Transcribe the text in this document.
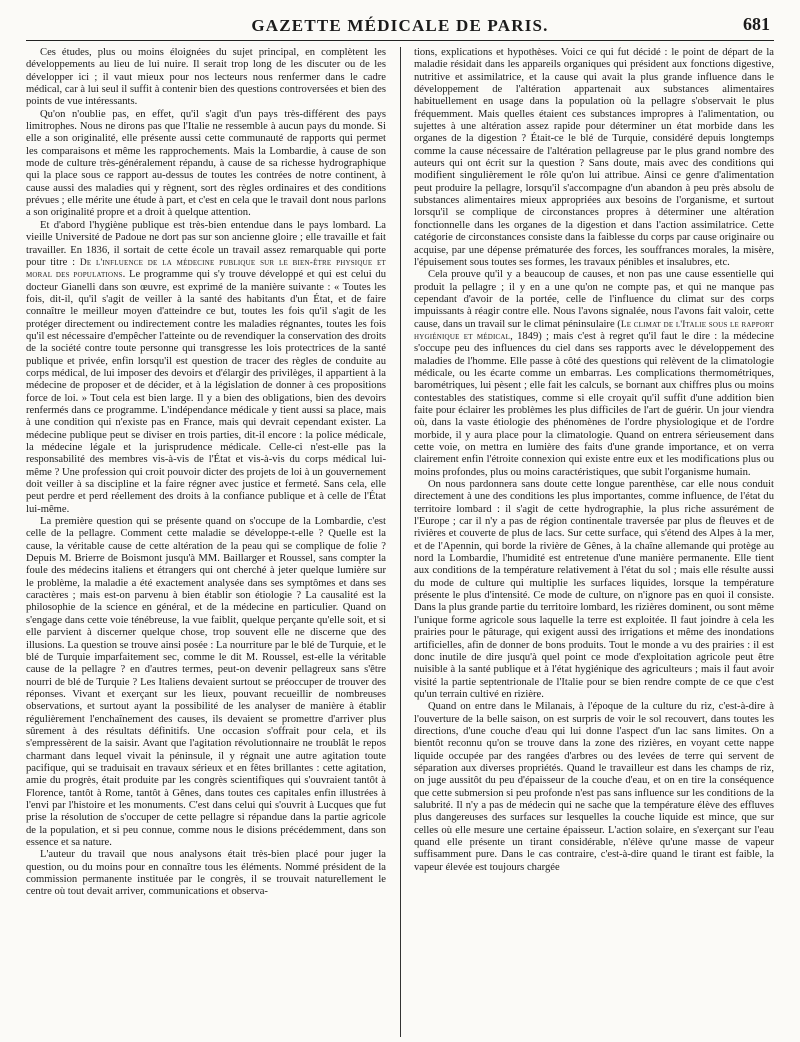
GAZETTE MÉDICALE DE PARIS.	681

Ces études, plus ou moins éloignées du sujet principal, en complètent les développements au lieu de lui nuire. Il serait trop long de les discuter ou de les développer ici ; il vaut mieux pour nos lecteurs nous renfermer dans le cadre médical, car à lui seul il suffit à contenir bien des questions controversées et bien des points de vue intéressants.

Qu'on n'oublie pas, en effet, qu'il s'agit d'un pays très-différent des pays limitrophes. Nous ne dirons pas que l'Italie ne ressemble à aucun pays du monde. Si elle a son originalité, elle présente aussi cette communauté de rapports qui permet les comparaisons et même les rapprochements. Mais la Lombardie, à cause de son mode de culture très-généralement répandu, à cause de sa richesse hydrographique qui la place sous ce rapport au-dessus de toutes les contrées de notre continent, à cause aussi des maladies qui y règnent, sort des règles ordinaires et des conditions prévues ; elle mérite une étude à part, et c'est en cela que le travail dont nous parlons a son originalité propre et a droit à quelque attention.

Et d'abord l'hygiène publique est très-bien entendue dans le pays lombard. La vieille Université de Padoue ne dort pas sur son ancienne gloire ; elle travaille et fait travailler. En 1836, il sortait de cette école un travail assez remarquable qui porte pour titre : De l'influence de la médecine publique sur le bien-être physique et moral des populations. Le programme qui s'y trouve développé et qui est celui du docteur Gianelli dans son œuvre, est exprimé de la manière suivante : « Toutes les fois, dit-il, qu'il s'agit de veiller à la santé des habitants d'un État, et de faire connaître le meilleur moyen d'atteindre ce but, toutes les fois qu'il s'agit de les protéger directement ou indirectement contre les maladies régnantes, toutes les fois qu'il est nécessaire d'empêcher l'atteinte ou de revendiquer la conservation des droits de la société contre toute personne qui transgresse les lois protectrices de la santé publique et privée, enfin lorsqu'il est question de tracer des règles de conduite au corps médical, de lui imposer des devoirs et d'élargir des privilèges, il appartient à la médecine de proposer et de décider, et à la législation de donner à ces propositions force de loi. » Tout cela est bien large. Il y a bien des obligations, bien des devoirs renfermés dans ce programme. L'indépendance médicale y tient aussi sa place, mais à une condition qui n'existe pas en France, mais qui devrait cependant exister. La médecine publique peut se diviser en trois parties, dit-il encore : la police médicale, la médecine légale et la jurisprudence médicale. Celle-ci n'est-elle pas la responsabilité des membres vis-à-vis de l'État et vis-à-vis du corps médical lui-même ? Une profession qui croit pouvoir dicter des projets de loi à un gouvernement doit veiller à sa discipline et la faire régner avec justice et fermeté. Sans cela, elle peut perdre et perd réellement des droits à la confiance publique et à celle de l'État lui-même.

La première question qui se présente quand on s'occupe de la Lombardie, c'est celle de la pellagre. Comment cette maladie se développe-t-elle ? Quelle est la cause, la véritable cause de cette altération de la peau qui se complique de folie ? Depuis M. Brierre de Boismont jusqu'à MM. Baillarger et Roussel, sans compter la foule des médecins italiens et étrangers qui ont cherché à jeter quelque lumière sur le problème, la maladie a été exactement analysée dans ses symptômes et dans ses caractères ; mais est-on parvenu à bien établir son étiologie ? La causalité est la philosophie de la science en général, et de la médecine en particulier. Quand on s'engage dans cette voie ténébreuse, la vue faiblit, quelque perçante qu'elle soit, et si elle parvient à discerner quelque chose, trop souvent elle ne discerne que des illusions. La question se trouve ainsi posée : La nourriture par le blé de Turquie, et le blé de Turquie imparfaitement sec, comme le dit M. Roussel, est-elle la véritable cause de la pellagre ? en d'autres termes, peut-on devenir pellagreux sans s'être nourri de blé de Turquie ? Les Italiens devaient surtout se préoccuper de trouver des réponses. Vivant et exerçant sur les lieux, pouvant recueillir de nombreuses observations, et surtout ayant la possibilité de les analyser de manière à établir régulièrement l'enchaînement des causes, ils devaient se promettre d'arriver plus sûrement à des résultats définitifs. Une occasion s'offrait pour cela, et ils s'empressèrent de la saisir. Avant que l'agitation révolutionnaire ne troublât le repos charmant dans lequel vivait la péninsule, il y régnait une autre agitation toute pacifique, qui se traduisait en travaux sérieux et en fêtes brillantes : cette agitation, amie du progrès, était produite par les congrès scientifiques qui s'ouvraient tantôt à Florence, tantôt à Rome, tantôt à Gênes, dans toutes ces capitales enfin illustrées à l'envi par l'histoire et les monuments. C'est dans celui qui s'ouvrit à Lucques que fut prise la résolution de s'occuper de cette pellagre si répandue dans la partie agricole de la population, et si peu connue, comme nous le disions précédemment, dans son essence et sa nature.

L'auteur du travail que nous analysons était très-bien placé pour juger la question, ou du moins pour en connaître tous les éléments. Nommé président de la commission permanente instituée par le congrès, il se trouvait naturellement le centre où tout devait arriver, communications et observa-

tions, explications et hypothèses. Voici ce qui fut décidé : le point de départ de la maladie résidait dans les appareils organiques qui président aux fonctions digestive, nutritive et assimilatrice, et la cause qui avait la plus grande influence dans le développement de l'altération appartenait aux substances alimentaires habituellement en usage dans la population où la pellagre s'observait le plus fréquemment. Mais quelles étaient ces substances impropres à l'alimentation, ou sujettes à une altération assez rapide pour déterminer un état morbide dans les organes de la digestion ? Était-ce le blé de Turquie, considéré depuis longtemps comme la cause nécessaire de l'altération pellagreuse par le plus grand nombre des auteurs qui ont écrit sur la question ? Sans doute, mais avec des conditions qui modifient singulièrement le rôle qu'on lui attribue. Ainsi ce genre d'alimentation peut produire la pellagre, lorsqu'il s'accompagne d'un abandon à peu près absolu de substances alimentaires mieux appropriées aux besoins de l'organisme, et surtout lorsqu'il se complique de circonstances propres à déterminer une altération fonctionnelle dans les organes de la digestion et dans l'action assimilatrice. Cette catégorie de circonstances consiste dans la faiblesse du corps par cause originaire ou acquise, par une dépense prématurée des forces, les souffrances morales, la misère, l'épuisement sous toutes ses formes, les travaux pénibles et insalubres, etc.

Cela prouve qu'il y a beaucoup de causes, et non pas une cause essentielle qui produit la pellagre ; il y en a une qu'on ne compte pas, et qui ne manque pas cependant d'avoir de la portée, celle de l'influence du climat sur des corps impuissants à réagir contre elle. Nous l'avons signalée, nous l'avons fait valoir, cette cause, dans un travail sur le climat péninsulaire (Le climat de l'Italie sous le rapport hygiénique et médical, 1849) ; mais c'est à regret qu'il faut le dire : la médecine s'occupe peu des influences du ciel dans ses rapports avec le développement des maladies de l'homme. Elle passe à côté des questions qui relèvent de la climatologie médicale, ou les écarte comme un embarras. Les complications thermométriques, barométriques, lui pèsent ; elle fait les calculs, se bornant aux chiffres plus ou moins contestables des statistiques, comme si elle croyait qu'il suffit d'une addition bien faite pour éclairer les problèmes les plus difficiles de l'art de guérir. Un jour viendra où, dans la vaste étiologie des phénomènes de l'ordre physiologique et de l'ordre morbide, il y aura place pour la climatologie. Quand on entrera sérieusement dans cette voie, on mettra en lumière des faits d'une grande importance, et on verra clairement enfin l'étroite connexion qui existe entre eux et les modifications plus ou moins profondes, plus ou moins caractéristiques, que subit l'organisme humain.

On nous pardonnera sans doute cette longue parenthèse, car elle nous conduit directement à une des conditions les plus importantes, comme influence, de l'état du territoire lombard : il s'agit de cette hydrographie, la plus riche assurément de l'Europe ; car il n'y a pas de région continentale traversée par plus de fleuves et de rivières et couverte de plus de lacs. Sur cette surface, qui s'étend des Alpes à la mer, et de l'Apennin, qui borde la rivière de Gênes, à la chaîne allemande qui protège au nord la Lombardie, l'humidité est entretenue d'une manière permanente. Elle tient aux conditions de la température relativement à l'état du sol ; mais elle résulte aussi du mode de culture qui multiplie les surfaces liquides, lorsque la température présente le plus d'intensité. Ce mode de culture, on n'ignore pas en quoi il consiste. Dans la plus grande partie du territoire lombard, les rizières dominent, ou sont même l'unique forme agricole sous laquelle la terre est exploitée. Il faut joindre à cela les prairies pour le pâturage, qui exigent aussi des irrigations et même des inondations artificielles, afin de donner de bons produits. Tout le monde a vu des prairies : il est donc inutile de dire jusqu'à quel point ce mode d'exploitation agricole peut être nuisible à la santé publique et à l'état hygiénique des agriculteurs ; mais il faut avoir visité la partie septentrionale de l'Italie pour se bien rendre compte de ce que c'est qu'un terrain cultivé en rizière.

Quand on entre dans le Milanais, à l'époque de la culture du riz, c'est-à-dire à l'ouverture de la belle saison, on est surpris de voir le sol recouvert, dans toutes les directions, d'une couche d'eau qui lui donne l'aspect d'un lac sans limites. On a bientôt reconnu qu'on se trouve dans la zone des rizières, en voyant cette nappe liquide occupée par des rangées d'arbres ou des levées de terre qui servent de séparation aux diverses propriétés. Quand le travailleur est dans les champs de riz, on juge aussitôt du peu d'épaisseur de la couche d'eau, et on en tire la conséquence que cette submersion si peu profonde n'est pas sans influence sur les conditions de la salubrité. Il n'y a pas de médecin qui ne sache que la température élève des effluves plus dangereuses des surfaces sur lesquelles la couche liquide est mince, que sur celles où elle mesure une certaine épaisseur. L'action solaire, en s'exerçant sur l'eau quand elle présente un tirant considérable, n'élève qu'une masse de vapeur suffisamment pure. Dans le cas contraire, c'est-à-dire quand le tirant est faible, la vapeur élevée est toujours chargée
